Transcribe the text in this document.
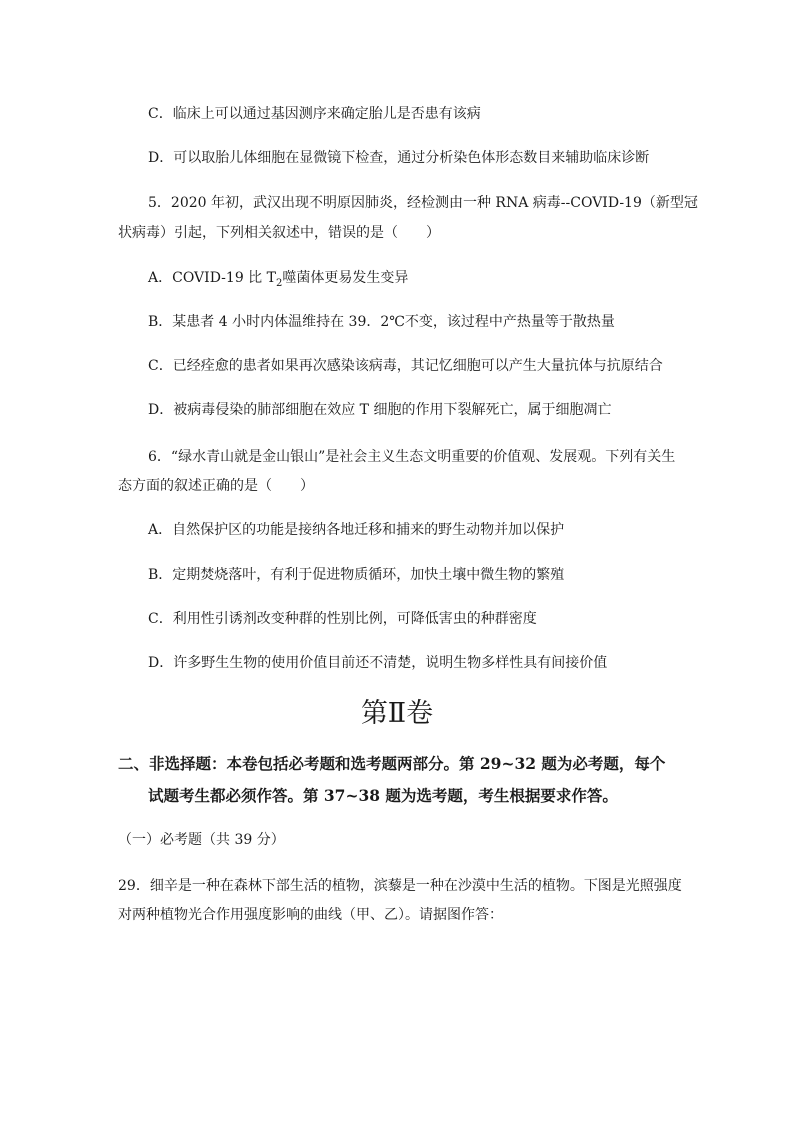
C．临床上可以通过基因测序来确定胎儿是否患有该病
D．可以取胎儿体细胞在显微镜下检查，通过分析染色体形态数目来辅助临床诊断
5．2020 年初，武汉出现不明原因肺炎，经检测由一种 RNA 病毒--COVID-19（新型冠
状病毒）引起，下列相关叙述中，错误的是（　　）
A．COVID-19 比 $T_2$噬菌体更易发生变异
B．某患者 4 小时内体温维持在 39．2℃不变，该过程中产热量等于散热量
C．已经痊愈的患者如果再次感染该病毒，其记忆细胞可以产生大量抗体与抗原结合
D．被病毒侵染的肺部细胞在效应 T 细胞的作用下裂解死亡，属于细胞凋亡
6．“绿水青山就是金山银山”是社会主义生态文明重要的价值观、发展观。下列有关生
态方面的叙述正确的是（　　）
A．自然保护区的功能是接纳各地迁移和捕来的野生动物并加以保护
B．定期焚烧落叶，有利于促进物质循环，加快土壤中微生物的繁殖
C．利用性引诱剂改变种群的性别比例，可降低害虫的种群密度
D．许多野生生物的使用价值目前还不清楚，说明生物多样性具有间接价值
第Ⅱ卷
二、非选择题：本卷包括必考题和选考题两部分。第 29~32 题为必考题，每个
试题考生都必须作答。第 37~38 题为选考题，考生根据要求作答。
（一）必考题（共 39 分）
29．细辛是一种在森林下部生活的植物，滨藜是一种在沙漠中生活的植物。下图是光照强度
对两种植物光合作用强度影响的曲线（甲、乙）。请据图作答：
